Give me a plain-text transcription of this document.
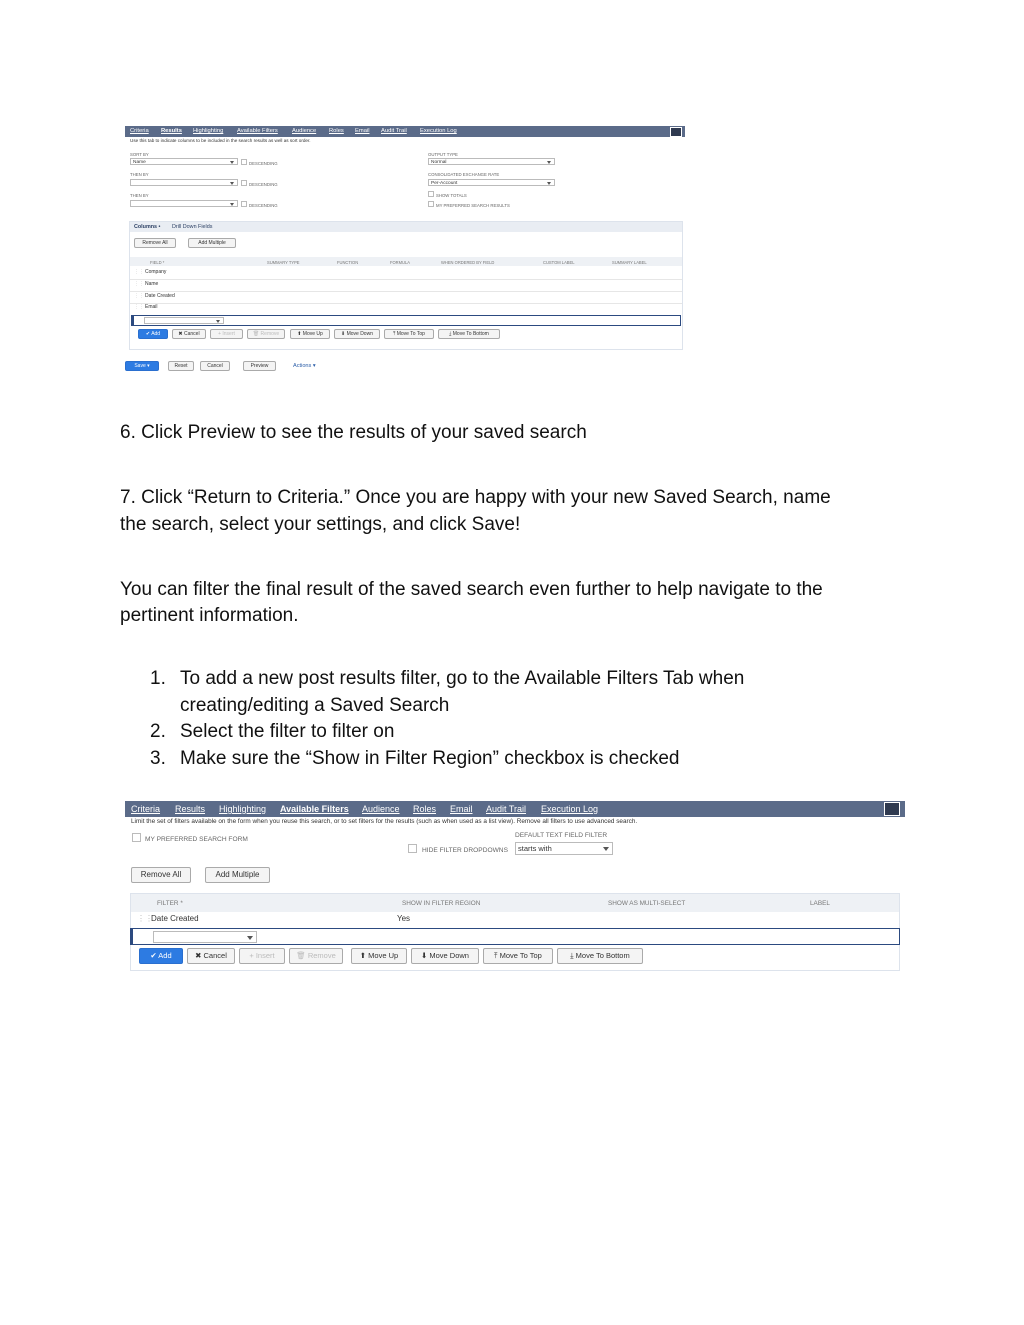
Criteria Results Highlighting Available Filters Audience Roles Email Audit Trail Execution Log
Use this tab to indicate columns to be included in the search results as well as sort order.
SORT BY
Name	DESCENDING
THEN BY
DESCENDING
THEN BY
DESCENDING
OUTPUT TYPE
Normal
CONSOLIDATED EXCHANGE RATE
Per-Account
SHOW TOTALS
MY PREFERRED SEARCH RESULTS
Columns • Drill Down Fields
Remove All	Add Multiple
FIELD *	SUMMARY TYPE	FUNCTION	FORMULA	WHEN ORDERED BY FIELD	CUSTOM LABEL	SUMMARY LABEL
⋮⋮ Company
⋮⋮ Name
⋮⋮ Date Created
⋮⋮ Email
✔ Add	✖ Cancel	+ Insert	🗑 Remove	⬆ Move Up	⬇ Move Down	⤒ Move To Top	⤓ Move To Bottom
Save ▾	Reset	Cancel	Preview	Actions ▾
6. Click Preview to see the results of your saved search
7. Click “Return to Criteria.” Once you are happy with your new Saved Search, name
the search, select your settings, and click Save!
You can filter the final result of the saved search even further to help navigate to the
pertinent information.
1. To add a new post results filter, go to the Available Filters Tab when
creating/editing a Saved Search
2. Select the filter to filter on
3. Make sure the “Show in Filter Region” checkbox is checked
Criteria Results Highlighting Available Filters Audience Roles Email Audit Trail Execution Log
Limit the set of filters available on the form when you reuse this search, or to set filters for the results (such as when used as a list view). Remove all filters to use advanced search.
MY PREFERRED SEARCH FORM
HIDE FILTER DROPDOWNS
DEFAULT TEXT FIELD FILTER
starts with
Remove All	Add Multiple
FILTER *	SHOW IN FILTER REGION	SHOW AS MULTI-SELECT	LABEL
⋮⋮
Date Created	Yes
✔ Add	✖ Cancel	+ Insert	🗑 Remove	⬆ Move Up	⬇ Move Down	⤒ Move To Top	⤓ Move To Bottom
